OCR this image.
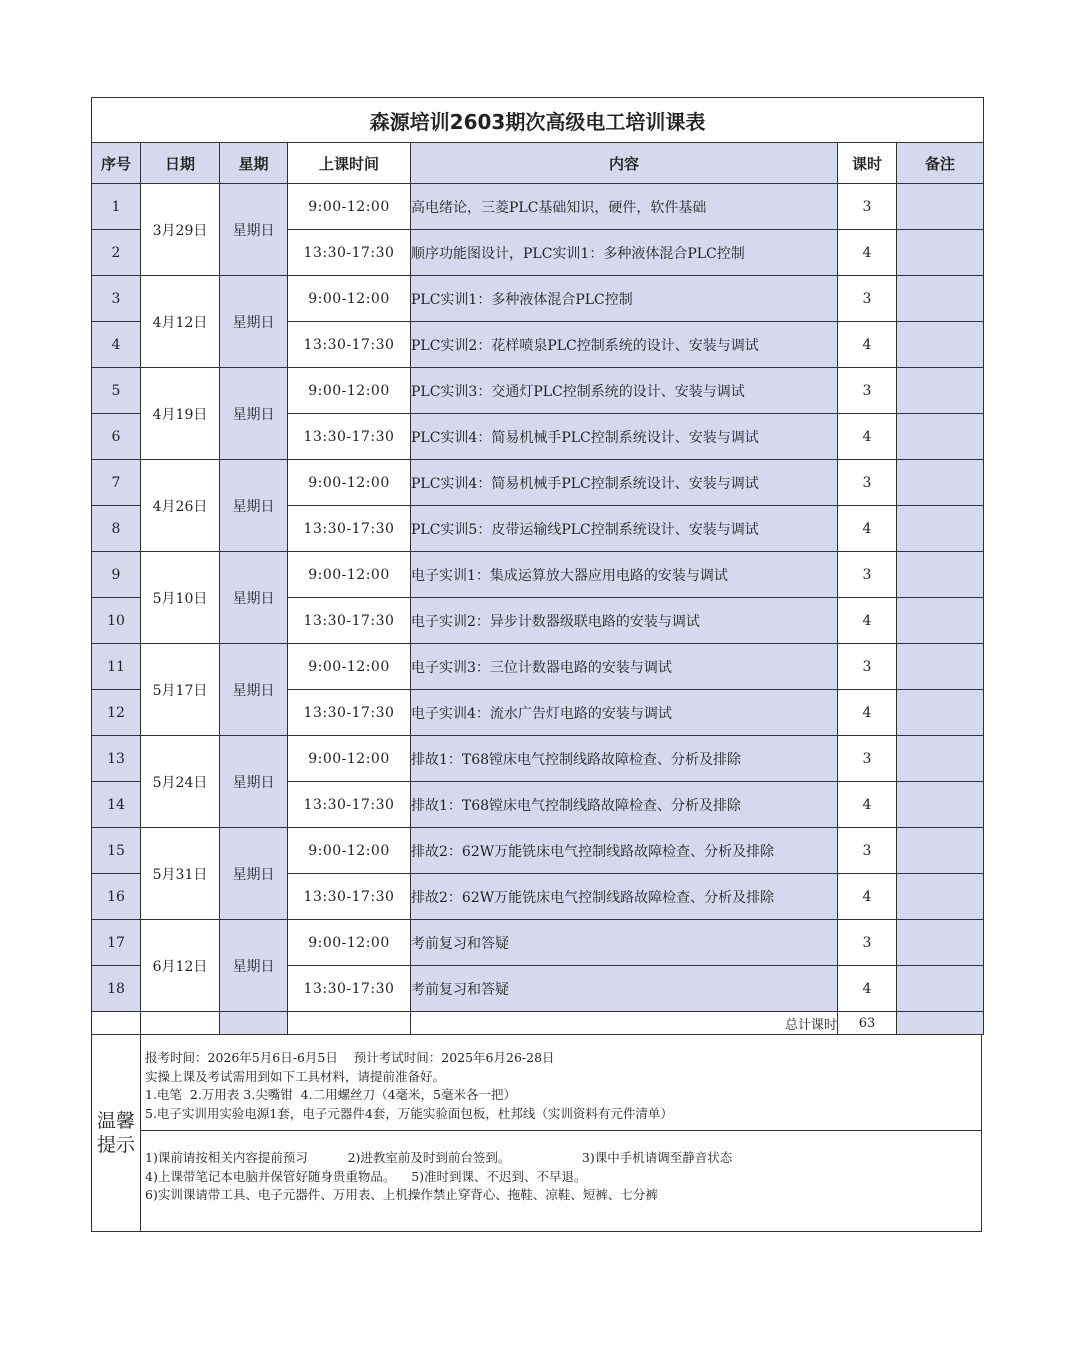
森源培训2603期次高级电工培训课表						
序号	日期	星期	上课时间	内容	课时	备注
1	3月29日	星期日	9:00-12:00	高电绪论，三菱PLC基础知识，硬件，软件基础	3	
2			13:30-17:30	顺序功能图设计，PLC实训1：多种液体混合PLC控制	4	
3	4月12日	星期日	9:00-12:00	PLC实训1：多种液体混合PLC控制	3	
4			13:30-17:30	PLC实训2：花样喷泉PLC控制系统的设计、安装与调试	4	
5	4月19日	星期日	9:00-12:00	PLC实训3：交通灯PLC控制系统的设计、安装与调试	3	
6			13:30-17:30	PLC实训4：简易机械手PLC控制系统设计、安装与调试	4	
7	4月26日	星期日	9:00-12:00	PLC实训4：简易机械手PLC控制系统设计、安装与调试	3	
8			13:30-17:30	PLC实训5：皮带运输线PLC控制系统设计、安装与调试	4	
9	5月10日	星期日	9:00-12:00	电子实训1：集成运算放大器应用电路的安装与调试	3	
10			13:30-17:30	电子实训2：异步计数器级联电路的安装与调试	4	
11	5月17日	星期日	9:00-12:00	电子实训3：三位计数器电路的安装与调试	3	
12			13:30-17:30	电子实训4：流水广告灯电路的安装与调试	4	
13	5月24日	星期日	9:00-12:00	排故1：T68镗床电气控制线路故障检查、分析及排除	3	
14			13:30-17:30	排故1：T68镗床电气控制线路故障检查、分析及排除	4	
15	5月31日	星期日	9:00-12:00	排故2：62W万能铣床电气控制线路故障检查、分析及排除	3	
16			13:30-17:30	排故2：62W万能铣床电气控制线路故障检查、分析及排除	4	
17	6月12日	星期日	9:00-12:00	考前复习和答疑	3	
18			13:30-17:30	考前复习和答疑	4	
				总计课时	63	
温馨提示
报考时间：2026年5月6日-6月5日    预计考试时间：2025年6月26-28日
实操上课及考试需用到如下工具材料，请提前准备好。
1.电笔  2.万用表 3.尖嘴钳  4.二用螺丝刀（4毫米，5毫米各一把）
5.电子实训用实验电源1套，电子元器件4套，万能实验面包板，杜邦线（实训资料有元件清单）
1)课前请按相关内容提前预习          2)进教室前及时到前台签到。                  3)课中手机请调至静音状态
4)上课带笔记本电脑并保管好随身贵重物品。    5)准时到课、不迟到、不早退。
6)实训课请带工具、电子元器件、万用表、上机操作禁止穿背心、拖鞋、凉鞋、短裤、七分裤
